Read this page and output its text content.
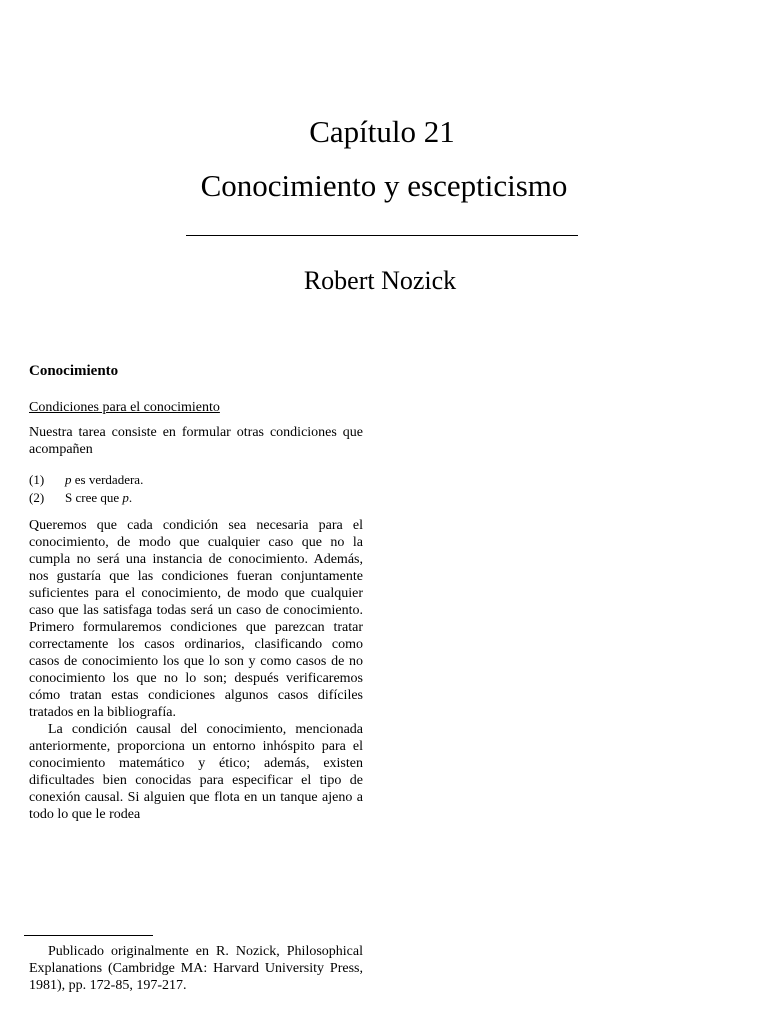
Capítulo 21
Conocimiento y escepticismo
Robert Nozick
Conocimiento
Condiciones para el conocimiento
Nuestra tarea consiste en formular otras condiciones que acompañen
(1)	p es verdadera.
(2)	S cree que p.

Queremos que cada condición sea necesaria para el conocimiento, de modo que cualquier caso que no la cumpla no será una instancia de conocimiento. Además, nos gustaría que las condiciones fueran conjuntamente suficientes para el conocimiento, de modo que cualquier caso que las satisfaga todas será un caso de conocimiento. Primero formularemos condiciones que parezcan tratar correctamente los casos ordinarios, clasificando como casos de conocimiento los que lo son y como casos de no conocimiento los que no lo son; después verificaremos cómo tratan estas condiciones algunos casos difíciles tratados en la bibliografía.

La condición causal del conocimiento, mencionada anteriormente, proporciona un entorno inhóspito para el conocimiento matemático y ético; además, existen dificultades bien conocidas para especificar el tipo de conexión causal. Si alguien que flota en un tanque ajeno a todo lo que le rodea

Publicado originalmente en R. Nozick, Philosophical Explanations (Cambridge MA: Harvard University Press, 1981), pp. 172-85, 197-217.
